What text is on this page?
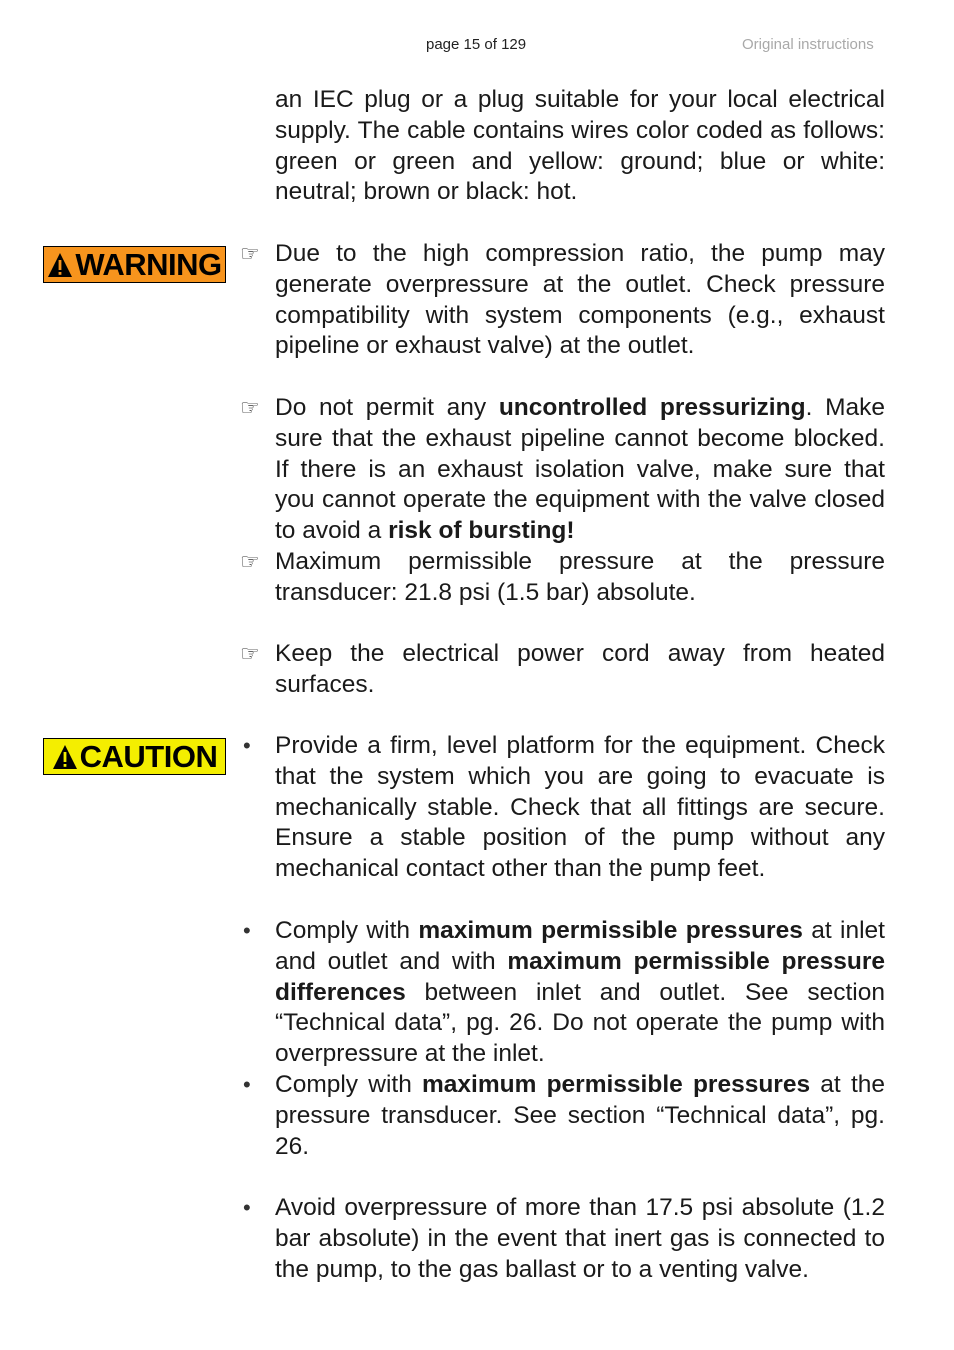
page 15 of 129	Original instructions

an IEC plug or a plug suitable for your local electrical supply. The cable contains wires color coded as follows: green or green and yellow: ground; blue or white: neutral; brown or black: hot.

WARNING ☞ Due to the high compression ratio, the pump may generate overpressure at the outlet. Check pressure compatibility with system components (e.g., exhaust pipeline or exhaust valve) at the outlet.
☞ Do not permit any uncontrolled pressurizing. Make sure that the exhaust pipeline cannot become blocked. If there is an exhaust isolation valve, make sure that you cannot operate the equipment with the valve closed to avoid a risk of bursting!
☞ Maximum permissible pressure at the pressure transducer: 21.8 psi (1.5 bar) absolute.
☞ Keep the electrical power cord away from heated surfaces.
CAUTION • Provide a firm, level platform for the equipment. Check that the system which you are going to evacuate is mechanically stable. Check that all fittings are secure. Ensure a stable position of the pump without any mechanical contact other than the pump feet.
• Comply with maximum permissible pressures at inlet and outlet and with maximum permissible pressure differences between inlet and outlet. See section “Technical data”, pg. 26. Do not operate the pump with overpressure at the inlet.
• Comply with maximum permissible pressures at the pressure transducer. See section “Technical data”, pg. 26.
• Avoid overpressure of more than 17.5 psi absolute (1.2 bar absolute) in the event that inert gas is connected to the pump, to the gas ballast or to a venting valve.
